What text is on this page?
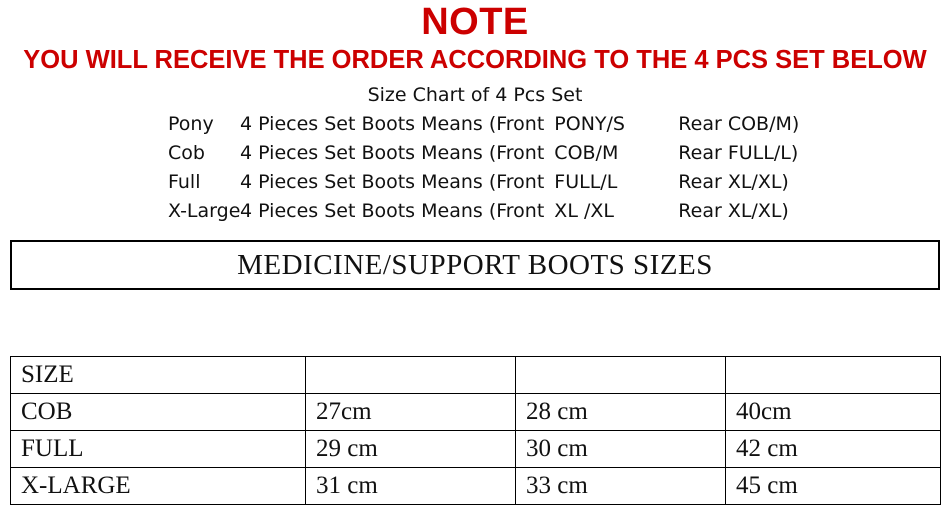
NOTE
YOU WILL RECEIVE THE ORDER ACCORDING TO THE 4 PCS SET BELOW
Size Chart of 4 Pcs Set
Pony	4 Pieces Set Boots Means (Front PONY/S	Rear COB/M)
Cob	4 Pieces Set Boots Means (Front COB/M	Rear FULL/L)
Full	4 Pieces Set Boots Means (Front FULL/L	Rear XL/XL)
X-Large 4 Pieces Set Boots Means (Front XL /XL	Rear XL/XL)
MEDICINE/SUPPORT BOOTS SIZES
SIZE			
COB	27cm	28 cm	40cm
FULL	29 cm	30 cm	42 cm
X-LARGE	31 cm	33 cm	45 cm
